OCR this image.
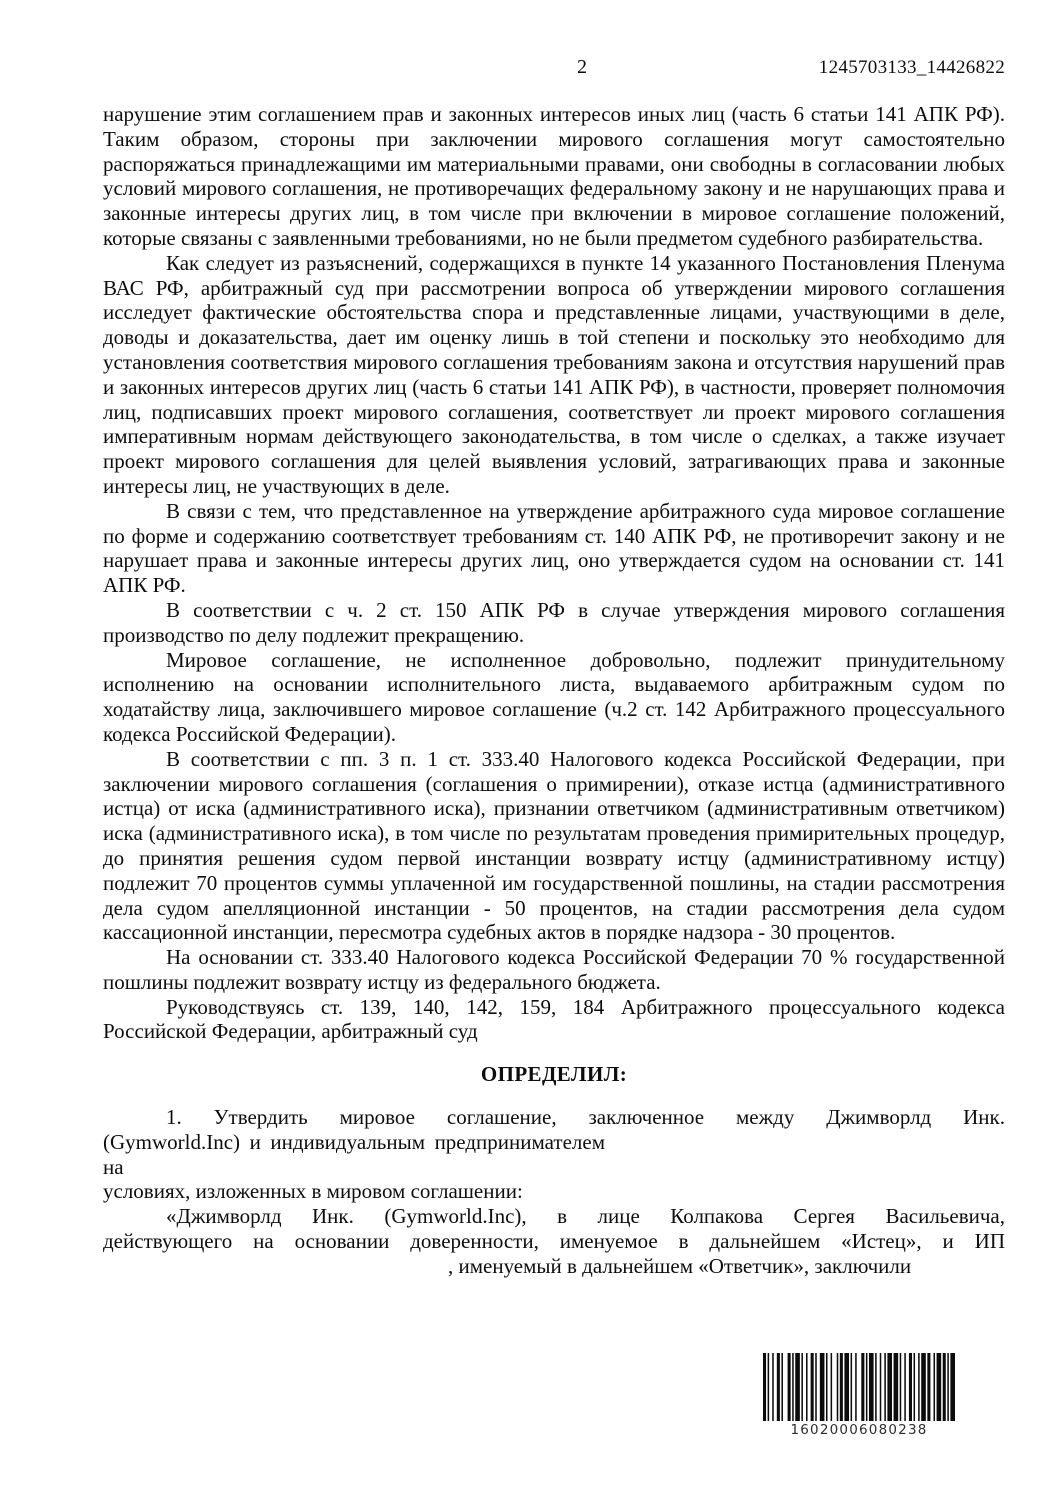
2	1245703133_14426822

нарушение этим соглашением прав и законных интересов иных лиц (часть 6 статьи 141 АПК РФ). Таким образом, стороны при заключении мирового соглашения могут самостоятельно распоряжаться принадлежащими им материальными правами, они свободны в согласовании любых условий мирового соглашения, не противоречащих федеральному закону и не нарушающих права и законные интересы других лиц, в том числе при включении в мировое соглашение положений, которые связаны с заявленными требованиями, но не были предметом судебного разбирательства.

Как следует из разъяснений, содержащихся в пункте 14 указанного Постановления Пленума ВАС РФ, арбитражный суд при рассмотрении вопроса об утверждении мирового соглашения исследует фактические обстоятельства спора и представленные лицами, участвующими в деле, доводы и доказательства, дает им оценку лишь в той степени и поскольку это необходимо для установления соответствия мирового соглашения требованиям закона и отсутствия нарушений прав и законных интересов других лиц (часть 6 статьи 141 АПК РФ), в частности, проверяет полномочия лиц, подписавших проект мирового соглашения, соответствует ли проект мирового соглашения императивным нормам действующего законодательства, в том числе о сделках, а также изучает проект мирового соглашения для целей выявления условий, затрагивающих права и законные интересы лиц, не участвующих в деле.

В связи с тем, что представленное на утверждение арбитражного суда мировое соглашение по форме и содержанию соответствует требованиям ст. 140 АПК РФ, не противоречит закону и не нарушает права и законные интересы других лиц, оно утверждается судом на основании ст. 141 АПК РФ.

В соответствии с ч. 2 ст. 150 АПК РФ в случае утверждения мирового соглашения производство по делу подлежит прекращению.

Мировое соглашение, не исполненное добровольно, подлежит принудительному исполнению на основании исполнительного листа, выдаваемого арбитражным судом по ходатайству лица, заключившего мировое соглашение (ч.2 ст. 142 Арбитражного процессуального кодекса Российской Федерации).

В соответствии с пп. 3 п. 1 ст. 333.40 Налогового кодекса Российской Федерации, при заключении мирового соглашения (соглашения о примирении), отказе истца (административного истца) от иска (административного иска), признании ответчиком (административным ответчиком) иска (административного иска), в том числе по результатам проведения примирительных процедур, до принятия решения судом первой инстанции возврату истцу (административному истцу) подлежит 70 процентов суммы уплаченной им государственной пошлины, на стадии рассмотрения дела судом апелляционной инстанции - 50 процентов, на стадии рассмотрения дела судом кассационной инстанции, пересмотра судебных актов в порядке надзора - 30 процентов.

На основании ст. 333.40 Налогового кодекса Российской Федерации 70 % государственной пошлины подлежит возврату истцу из федерального бюджета.

Руководствуясь ст. 139, 140, 142, 159, 184 Арбитражного процессуального кодекса Российской Федерации, арбитражный суд

ОПРЕДЕЛИЛ:

1. Утвердить мировое соглашение, заключенное между Джимворлд Инк.
(Gymworld.Inc) и индивидуальным предпринимателемна
условиях, изложенных в мировом соглашении:
«Джимворлд Инк. (Gymworld.Inc), в лице Колпакова Сергея Васильевича,
действующего на основании доверенности, именуемое в дальнейшем «Истец», и ИП
, именуемый в дальнейшем «Ответчик», заключили
16020006080238
